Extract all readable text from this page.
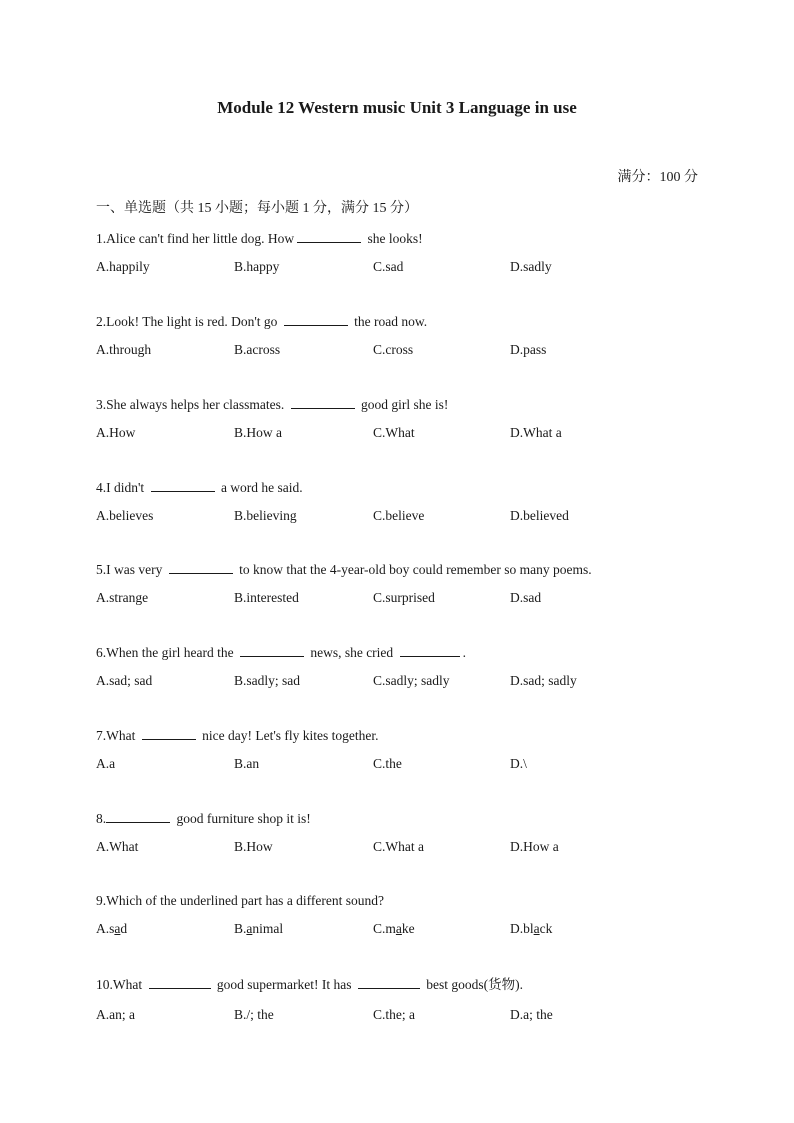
Module 12 Western music Unit 3 Language in use
满分：100 分
一、单选题（共 15 小题；每小题 1 分，满分 15 分）
1.Alice can't find her little dog. How	she looks!
A.happily	B.happy	C.sad	D.sadly
2.Look! The light is red. Don't go	the road now.
A.through	B.across	C.cross	D.pass
3.She always helps her classmates.	good girl she is!
A.How	B.How a	C.What	D.What a
4.I didn't	a word he said.
A.believes	B.believing	C.believe	D.believed
5.I was very	to know that the 4-year-old boy could remember so many poems.
A.strange	B.interested	C.surprised	D.sad
6.When the girl heard the	news, she cried	.
A.sad; sad	B.sadly; sad	C.sadly; sadly	D.sad; sadly
7.What	nice day! Let's fly kites together.
A.a	B.an	C.the	D.\
8.	good furniture shop it is!
A.What	B.How	C.What a	D.How a
9.Which of the underlined part has a different sound?
A.sad	B.animal	C.make	D.black
10.What	good supermarket! It has	best goods(货物).
A.an; a	B./; the	C.the; a	D.a; the
